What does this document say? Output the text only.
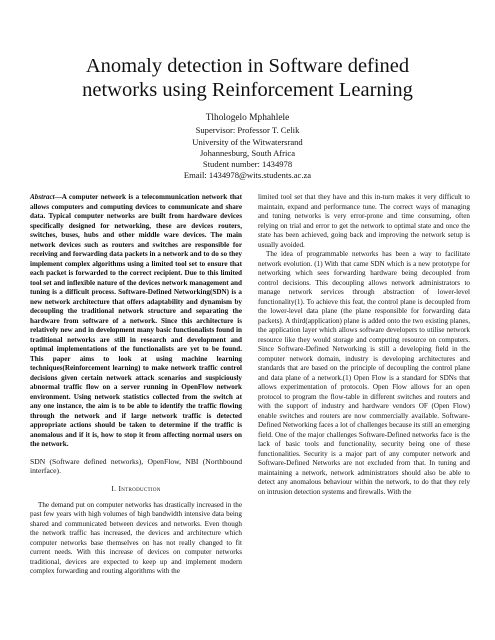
Anomaly detection in Software defined
networks using Reinforcement Learning
Tlhologelo Mphahlele
Supervisor: Professor T. Celik
University of the Witwatersrand
Johannesburg, South Africa
Student number: 1434978
Email: 1434978@wits.students.ac.za

Abstract—A computer network is a telecommunication network that allows computers and computing devices to communicate and share data. Typical computer networks are built from hardware devices specifically designed for networking, these are devices routers, switches, buses, hubs and other middle ware devices. The main network devices such as routers and switches are responsible for receiving and forwarding data packets in a network and to do so they implement complex algorithms using a limited tool set to ensure that each packet is forwarded to the correct recipient. Due to this limited tool set and inflexible nature of the devices network management and tuning is a difficult process. Software-Defined Networking(SDN) is a new network architecture that offers adaptability and dynamism by decoupling the traditional network structure and separating the hardware from software of a network. Since this architecture is relatively new and in development many basic functionalists found in traditional networks are still in research and development and optimal implementations of the functionalists are yet to be found. This paper aims to look at using machine learning techniques(Reinforcement learning) to make network traffic control decisions given certain network attack scenarios and suspiciously abnormal traffic flow on a server running in OpenFlow network environment. Using network statistics collected from the switch at any one instance, the aim is to be able to identify the traffic flowing through the network and if large network traffic is detected appropriate actions should be taken to determine if the traffic is anomalous and if it is, how to stop it from affecting normal users on the network.

SDN (Software defined networks), OpenFlow, NBI (Northbound interface).

I. Introduction

The demand put on computer networks has drastically increased in the past few years with high volumes of high bandwidth intensive data being shared and communicated between devices and networks. Even though the network traffic has increased, the devices and architecture which computer networks base themselves on has not really changed to fit current needs. With this increase of devices on computer networks traditional, devices are expected to keep up and implement modern complex forwarding and routing algorithms with the

limited tool set that they have and this in-turn makes it very difficult to maintain, expand and performance tune. The correct ways of managing and tuning networks is very error-prone and time consuming, often relying on trial and error to get the network to optimal state and once the state has been achieved, going back and improving the network setup is usually avoided.

The idea of programmable networks has been a way to facilitate network evolution. (1) With that came SDN which is a new prototype for networking which sees forwarding hardware being decoupled from control decisions. This decoupling allows network administrators to manage network services through abstraction of lower-level functionality(1). To achieve this feat, the control plane is decoupled from the lower-level data plane (the plane responsible for forwarding data packets). A third(application) plane is added onto the two existing planes, the application layer which allows software developers to utilise network resource like they would storage and computing resource on computers. Since Software-Defined Networking is still a developing field in the computer network domain, industry is developing architectures and standards that are based on the principle of decoupling the control plane and data plane of a network.(1) Open Flow is a standard for SDNs that allows experimentation of protocols. Open Flow allows for an open protocol to program the flow-table in different switches and routers and with the support of industry and hardware vendors OF (Open Flow) enable switches and routers are now commercially available. Software-Defined Networking faces a lot of challenges because its still an emerging field. One of the major challenges Software-Defined networks face is the lack of basic tools and functionality, security being one of these functionalities. Security is a major part of any computer network and Software-Defined Networks are not excluded from that. In tuning and maintaining a network, network administrators should also be able to detect any anomalous behaviour within the network, to do that they rely on intrusion detection systems and firewalls. With the
